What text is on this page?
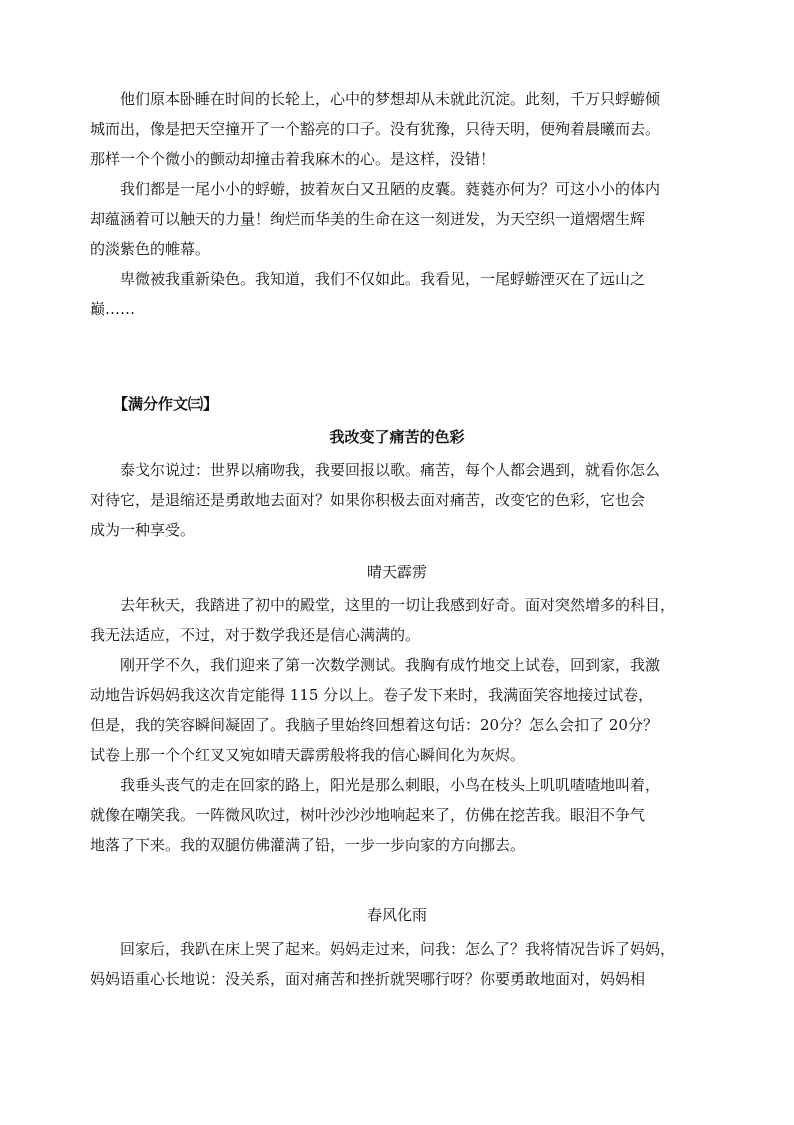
他们原本卧睡在时间的长轮上，心中的梦想却从未就此沉淀。此刻，千万只蜉蝣倾
城而出，像是把天空撞开了一个豁亮的口子。没有犹豫，只待天明，便殉着晨曦而去。
那样一个个微小的颤动却撞击着我麻木的心。是这样，没错！
我们都是一尾小小的蜉蝣，披着灰白又丑陋的皮囊。蕤蕤亦何为？可这小小的体内
却蕴涵着可以触天的力量！绚烂而华美的生命在这一刻迸发，为天空织一道熠熠生辉
的淡紫色的帷幕。
卑微被我重新染色。我知道，我们不仅如此。我看见，一尾蜉蝣湮灭在了远山之
巅……
【满分作文㈢】
我改变了痛苦的色彩
泰戈尔说过：世界以痛吻我，我要回报以歌。痛苦，每个人都会遇到，就看你怎么
对待它，是退缩还是勇敢地去面对？如果你积极去面对痛苦，改变它的色彩，它也会
成为一种享受。
晴天霹雳
去年秋天，我踏进了初中的殿堂，这里的一切让我感到好奇。面对突然增多的科目，
我无法适应，不过，对于数学我还是信心满满的。
刚开学不久，我们迎来了第一次数学测试。我胸有成竹地交上试卷，回到家，我激
动地告诉妈妈我这次肯定能得 115 分以上。卷子发下来时，我满面笑容地接过试卷，
但是，我的笑容瞬间凝固了。我脑子里始终回想着这句话：20分？怎么会扣了 20分？
试卷上那一个个红叉又宛如晴天霹雳般将我的信心瞬间化为灰烬。
我垂头丧气的走在回家的路上，阳光是那么刺眼，小鸟在枝头上叽叽喳喳地叫着，
就像在嘲笑我。一阵微风吹过，树叶沙沙沙地响起来了，仿佛在挖苦我。眼泪不争气
地落了下来。我的双腿仿佛灌满了铅，一步一步向家的方向挪去。
春风化雨
回家后，我趴在床上哭了起来。妈妈走过来，问我：怎么了？我将情况告诉了妈妈，
妈妈语重心长地说：没关系，面对痛苦和挫折就哭哪行呀？你要勇敢地面对，妈妈相
